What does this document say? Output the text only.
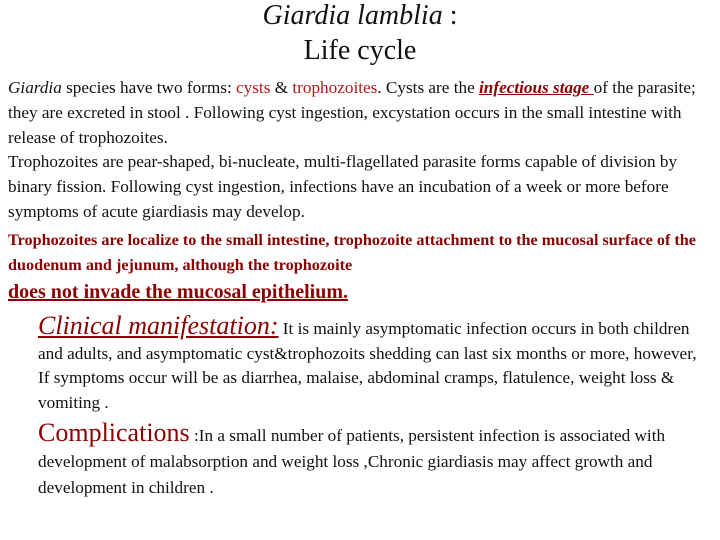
Giardia lamblia :
Life cycle
Giardia species have two forms: cysts & trophozoites. Cysts are the infectious stage of the parasite; they are excreted in stool . Following cyst ingestion, excystation occurs in the small intestine with release of trophozoites.
Trophozoites are pear-shaped, bi-nucleate, multi-flagellated parasite forms capable of division by binary fission. Following cyst ingestion, infections have an incubation of a week or more before symptoms of acute giardiasis may develop.
Trophozoites are localize to the small intestine, trophozoite attachment to the mucosal surface of the duodenum and jejunum, although the trophozoite
does not invade the mucosal epithelium.
Clinical manifestation: It is mainly asymptomatic infection occurs in both children and adults, and asymptomatic cyst&trophozoits shedding can last six months or more, however, If symptoms occur will be as diarrhea, malaise, abdominal cramps, flatulence, weight loss & vomiting .
Complications :In a small number of patients, persistent infection is associated with development of malabsorption and weight loss ,Chronic giardiasis may affect growth and development in children .
